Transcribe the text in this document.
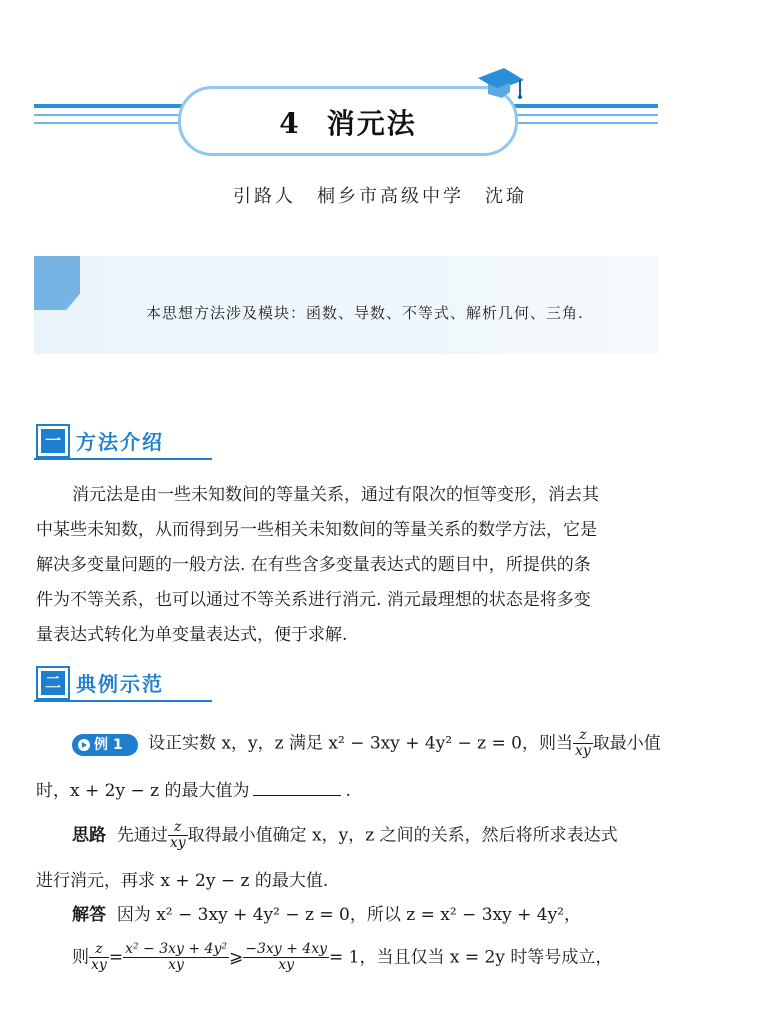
4 消元法
引路人　桐乡市高级中学　沈瑜
本思想方法涉及模块：函数、导数、不等式、解析几何、三角.
一 方法介绍
消元法是由一些未知数间的等量关系，通过有限次的恒等变形，消去其
中某些未知数，从而得到另一些相关未知数间的等量关系的数学方法，它是
解决多变量问题的一般方法. 在有些含多变量表达式的题目中，所提供的条
件为不等关系，也可以通过不等关系进行消元. 消元最理想的状态是将多变
量表达式转化为单变量表达式，便于求解.
二 典例示范
例 1	设正实数 x，y，z 满足 x² − 3xy + 4y² − z = 0，则当 $\frac{z}{xy}$ 取最小值
时，x + 2y − z 的最大值为	.
思路 先通过 $\frac{z}{xy}$ 取得最小值确定 x，y，z 之间的关系，然后将所求表达式
进行消元，再求 x + 2y − z 的最大值.
解答 因为 x² − 3xy + 4y² − z = 0，所以 z = x² − 3xy + 4y²，
则 $\frac{z}{xy} = \frac{\text{x² − 3xy + 4y²}}{xy}$ ⩾ $\frac{-3xy + 4xy}{xy} = 1$，当且仅当 x = 2y 时等号成立，
